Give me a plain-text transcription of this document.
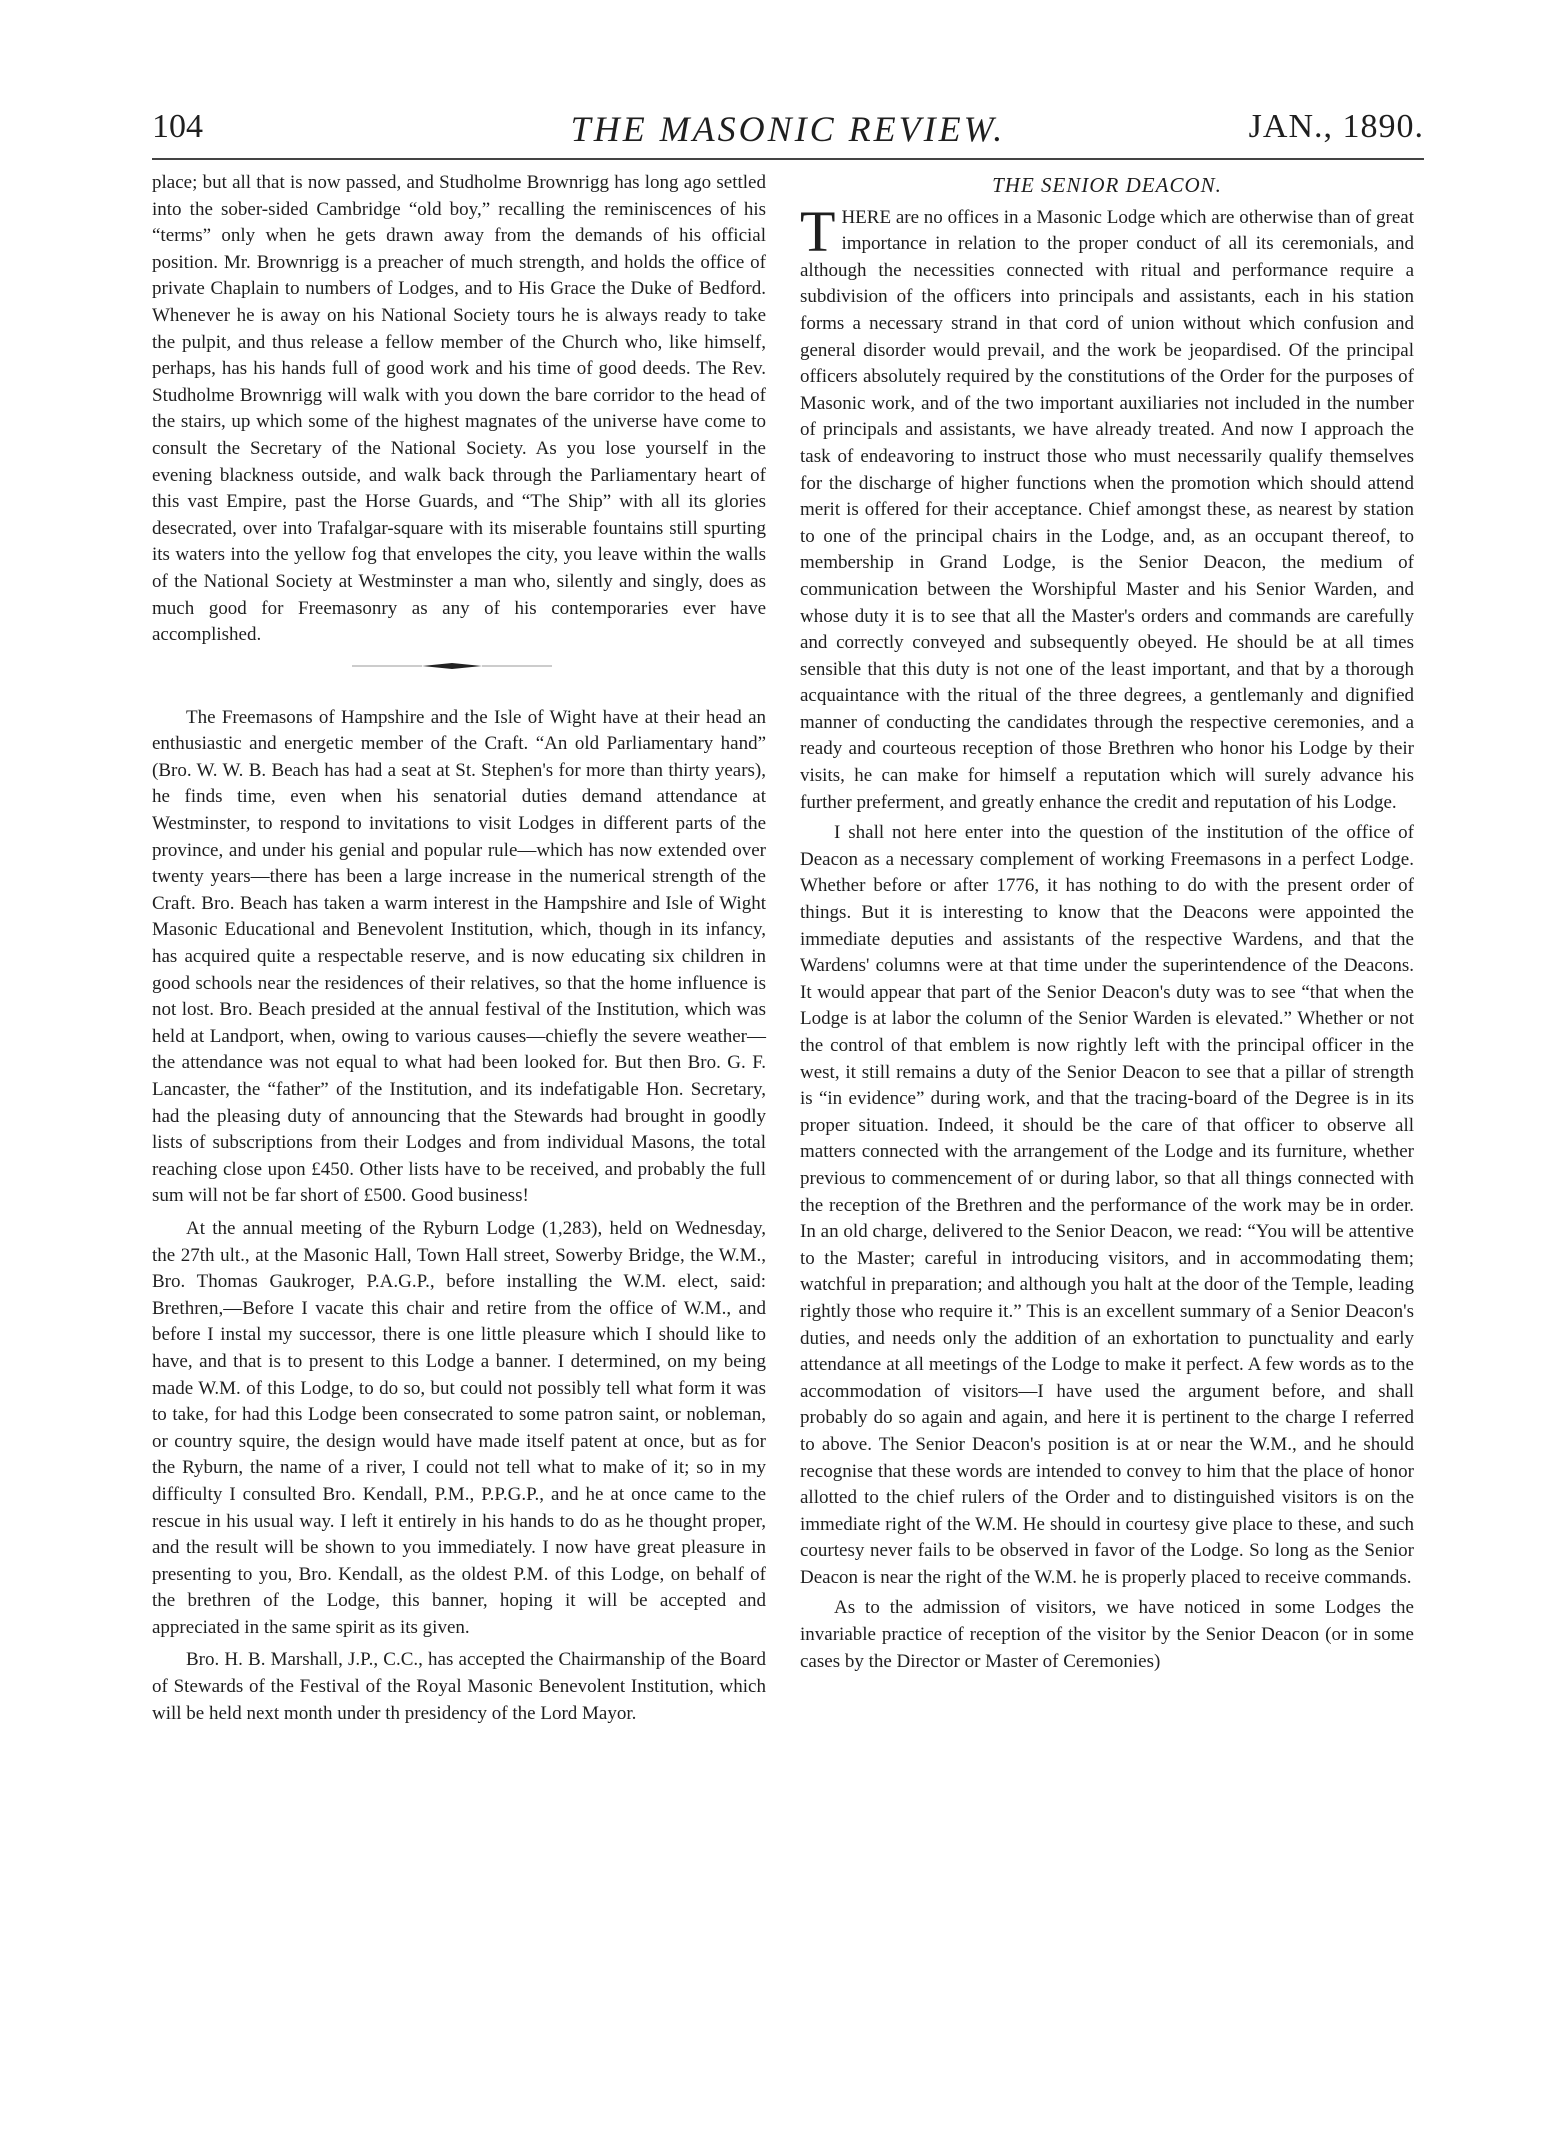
104	THE MASONIC REVIEW.	JAN., 1890.

place; but all that is now passed, and Studholme Brownrigg has long ago settled into the sober-sided Cambridge “old boy,” recalling the reminiscences of his “terms” only when he gets drawn away from the demands of his official position. Mr. Brownrigg is a preacher of much strength, and holds the office of private Chaplain to numbers of Lodges, and to His Grace the Duke of Bedford. Whenever he is away on his National Society tours he is always ready to take the pulpit, and thus release a fellow member of the Church who, like himself, perhaps, has his hands full of good work and his time of good deeds. The Rev. Studholme Brownrigg will walk with you down the bare corridor to the head of the stairs, up which some of the highest magnates of the universe have come to consult the Secretary of the National Society. As you lose yourself in the evening blackness outside, and walk back through the Parliamentary heart of this vast Empire, past the Horse Guards, and “The Ship” with all its glories desecrated, over into Trafalgar-square with its miserable fountains still spurting its waters into the yellow fog that envelopes the city, you leave within the walls of the National Society at Westminster a man who, silently and singly, does as much good for Freemasonry as any of his contemporaries ever have accomplished.

The Freemasons of Hampshire and the Isle of Wight have at their head an enthusiastic and energetic member of the Craft. “An old Parliamentary hand” (Bro. W. W. B. Beach has had a seat at St. Stephen's for more than thirty years), he finds time, even when his senatorial duties demand attendance at Westminster, to respond to invitations to visit Lodges in different parts of the province, and under his genial and popular rule—which has now extended over twenty years—there has been a large increase in the numerical strength of the Craft. Bro. Beach has taken a warm interest in the Hampshire and Isle of Wight Masonic Educational and Benevolent Institution, which, though in its infancy, has acquired quite a respectable reserve, and is now educating six children in good schools near the residences of their relatives, so that the home influence is not lost. Bro. Beach presided at the annual festival of the Institution, which was held at Landport, when, owing to various causes—chiefly the severe weather—the attendance was not equal to what had been looked for. But then Bro. G. F. Lancaster, the “father” of the Institution, and its indefatigable Hon. Secretary, had the pleasing duty of announcing that the Stewards had brought in goodly lists of subscriptions from their Lodges and from individual Masons, the total reaching close upon £450. Other lists have to be received, and probably the full sum will not be far short of £500. Good business!

At the annual meeting of the Ryburn Lodge (1,283), held on Wednesday, the 27th ult., at the Masonic Hall, Town Hall street, Sowerby Bridge, the W.M., Bro. Thomas Gaukroger, P.A.G.P., before installing the W.M. elect, said: Brethren,—Before I vacate this chair and retire from the office of W.M., and before I instal my successor, there is one little pleasure which I should like to have, and that is to present to this Lodge a banner. I determined, on my being made W.M. of this Lodge, to do so, but could not possibly tell what form it was to take, for had this Lodge been consecrated to some patron saint, or nobleman, or country squire, the design would have made itself patent at once, but as for the Ryburn, the name of a river, I could not tell what to make of it; so in my difficulty I consulted Bro. Kendall, P.M., P.P.G.P., and he at once came to the rescue in his usual way. I left it entirely in his hands to do as he thought proper, and the result will be shown to you immediately. I now have great pleasure in presenting to you, Bro. Kendall, as the oldest P.M. of this Lodge, on behalf of the brethren of the Lodge, this banner, hoping it will be accepted and appreciated in the same spirit as its given.

Bro. H. B. Marshall, J.P., C.C., has accepted the Chairmanship of the Board of Stewards of the Festival of the Royal Masonic Benevolent Institution, which will be held next month under th presidency of the Lord Mayor.

THE SENIOR DEACON.

THERE are no offices in a Masonic Lodge which are otherwise than of great importance in relation to the proper conduct of all its ceremonials, and although the necessities connected with ritual and performance require a subdivision of the officers into principals and assistants, each in his station forms a necessary strand in that cord of union without which confusion and general disorder would prevail, and the work be jeopardised. Of the principal officers absolutely required by the constitutions of the Order for the purposes of Masonic work, and of the two important auxiliaries not included in the number of principals and assistants, we have already treated. And now I approach the task of endeavoring to instruct those who must necessarily qualify themselves for the discharge of higher functions when the promotion which should attend merit is offered for their acceptance. Chief amongst these, as nearest by station to one of the principal chairs in the Lodge, and, as an occupant thereof, to membership in Grand Lodge, is the Senior Deacon, the medium of communication between the Worshipful Master and his Senior Warden, and whose duty it is to see that all the Master's orders and commands are carefully and correctly conveyed and subsequently obeyed. He should be at all times sensible that this duty is not one of the least important, and that by a thorough acquaintance with the ritual of the three degrees, a gentlemanly and dignified manner of conducting the candidates through the respective ceremonies, and a ready and courteous reception of those Brethren who honor his Lodge by their visits, he can make for himself a reputation which will surely advance his further preferment, and greatly enhance the credit and reputation of his Lodge.

I shall not here enter into the question of the institution of the office of Deacon as a necessary complement of working Freemasons in a perfect Lodge. Whether before or after 1776, it has nothing to do with the present order of things. But it is interesting to know that the Deacons were appointed the immediate deputies and assistants of the respective Wardens, and that the Wardens' columns were at that time under the superintendence of the Deacons. It would appear that part of the Senior Deacon's duty was to see “that when the Lodge is at labor the column of the Senior Warden is elevated.” Whether or not the control of that emblem is now rightly left with the principal officer in the west, it still remains a duty of the Senior Deacon to see that a pillar of strength is “in evidence” during work, and that the tracing-board of the Degree is in its proper situation. Indeed, it should be the care of that officer to observe all matters connected with the arrangement of the Lodge and its furniture, whether previous to commencement of or during labor, so that all things connected with the reception of the Brethren and the performance of the work may be in order. In an old charge, delivered to the Senior Deacon, we read: “You will be attentive to the Master; careful in introducing visitors, and in accommodating them; watchful in preparation; and although you halt at the door of the Temple, leading rightly those who require it.” This is an excellent summary of a Senior Deacon's duties, and needs only the addition of an exhortation to punctuality and early attendance at all meetings of the Lodge to make it perfect. A few words as to the accommodation of visitors—I have used the argument before, and shall probably do so again and again, and here it is pertinent to the charge I referred to above. The Senior Deacon's position is at or near the W.M., and he should recognise that these words are intended to convey to him that the place of honor allotted to the chief rulers of the Order and to distinguished visitors is on the immediate right of the W.M. He should in courtesy give place to these, and such courtesy never fails to be observed in favor of the Lodge. So long as the Senior Deacon is near the right of the W.M. he is properly placed to receive commands.

As to the admission of visitors, we have noticed in some Lodges the invariable practice of reception of the visitor by the Senior Deacon (or in some cases by the Director or Master of Ceremonies)
